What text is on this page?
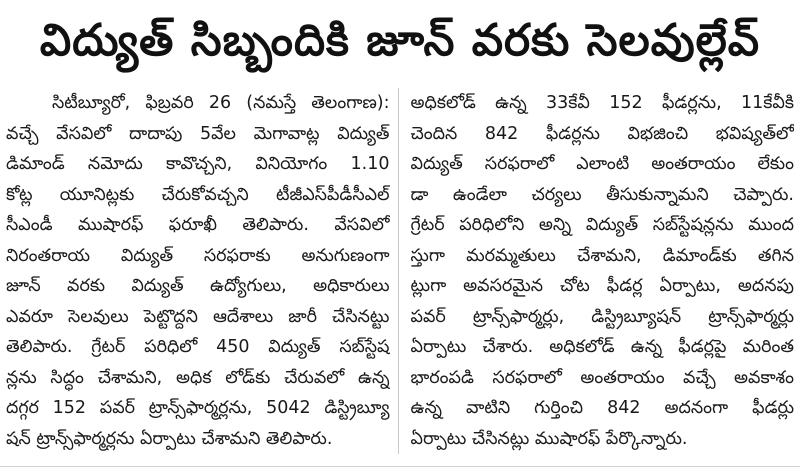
విద్యుత్ సిబ్బందికి జూన్ వరకు సెలవుల్లేవ్
సిటీబ్యూరో, ఫిబ్రవరి 26 (నమస్తే తెలంగాణ):
వచ్చే వేసవిలో దాదాపు 5వేల మెగావాట్ల విద్యుత్
డిమాండ్ నమోదు కావొచ్చని, వినియోగం 1.10
కోట్ల యూనిట్లకు చేరుకోవచ్చని టీజీఎస్‌పీడీసీఎల్
సీఎండీ ముషారఫ్ ఫరూఖీ తెలిపారు. వేసవిలో
నిరంతరాయ విద్యుత్ సరఫరాకు అనుగుణంగా
జూన్ వరకు విద్యుత్ ఉద్యోగులు, అధికారులు
ఎవరూ సెలవులు పెట్టొద్దని ఆదేశాలు జారీ చేసినట్టు
తెలిపారు. గ్రేటర్ పరిధిలో 450 విద్యుత్ సబ్‌స్టేష
న్లను సిద్ధం చేశామని, అధిక లోడ్‌కు చేరువలో ఉన్న
దగ్గర 152 పవర్ ట్రాన్స్‌ఫార్మర్లను, 5042 డిస్ట్రిబ్యూ
షన్ ట్రాన్స్‌ఫార్మర్లను ఏర్పాటు చేశామని తెలిపారు.
అధికలోడ్ ఉన్న 33కేవీ 152 ఫీడర్లను, 11కేవీకి
చెందిన 842 ఫీడర్లను విభజించి భవిష్యత్‌లో
విద్యుత్ సరఫరాలో ఎలాంటి అంతరాయం లేకుం
డా ఉండేలా చర్యలు తీసుకున్నామని చెప్పారు.
గ్రేటర్ పరిధిలోని అన్ని విద్యుత్ సబ్‌స్టేషన్లను ముంద
స్తుగా మరమ్మతులు చేశామని, డిమాండ్‌కు తగిన
ట్లుగా అవసరమైన చోట ఫీడర్ల ఏర్పాటు, అదనపు
పవర్ ట్రాన్స్‌ఫార్మర్లు, డిస్ట్రిబ్యూషన్ ట్రాన్స్‌ఫార్మర్లు
ఏర్పాటు చేశారు. అధికలోడ్ ఉన్న ఫీడర్లపై మరింత
భారంపడి సరఫరాలో అంతరాయం వచ్చే అవకాశం
ఉన్న వాటిని గుర్తించి 842 అదనంగా ఫీడర్లు
ఏర్పాటు చేసినట్లు ముషారఫ్ పేర్కొన్నారు.
